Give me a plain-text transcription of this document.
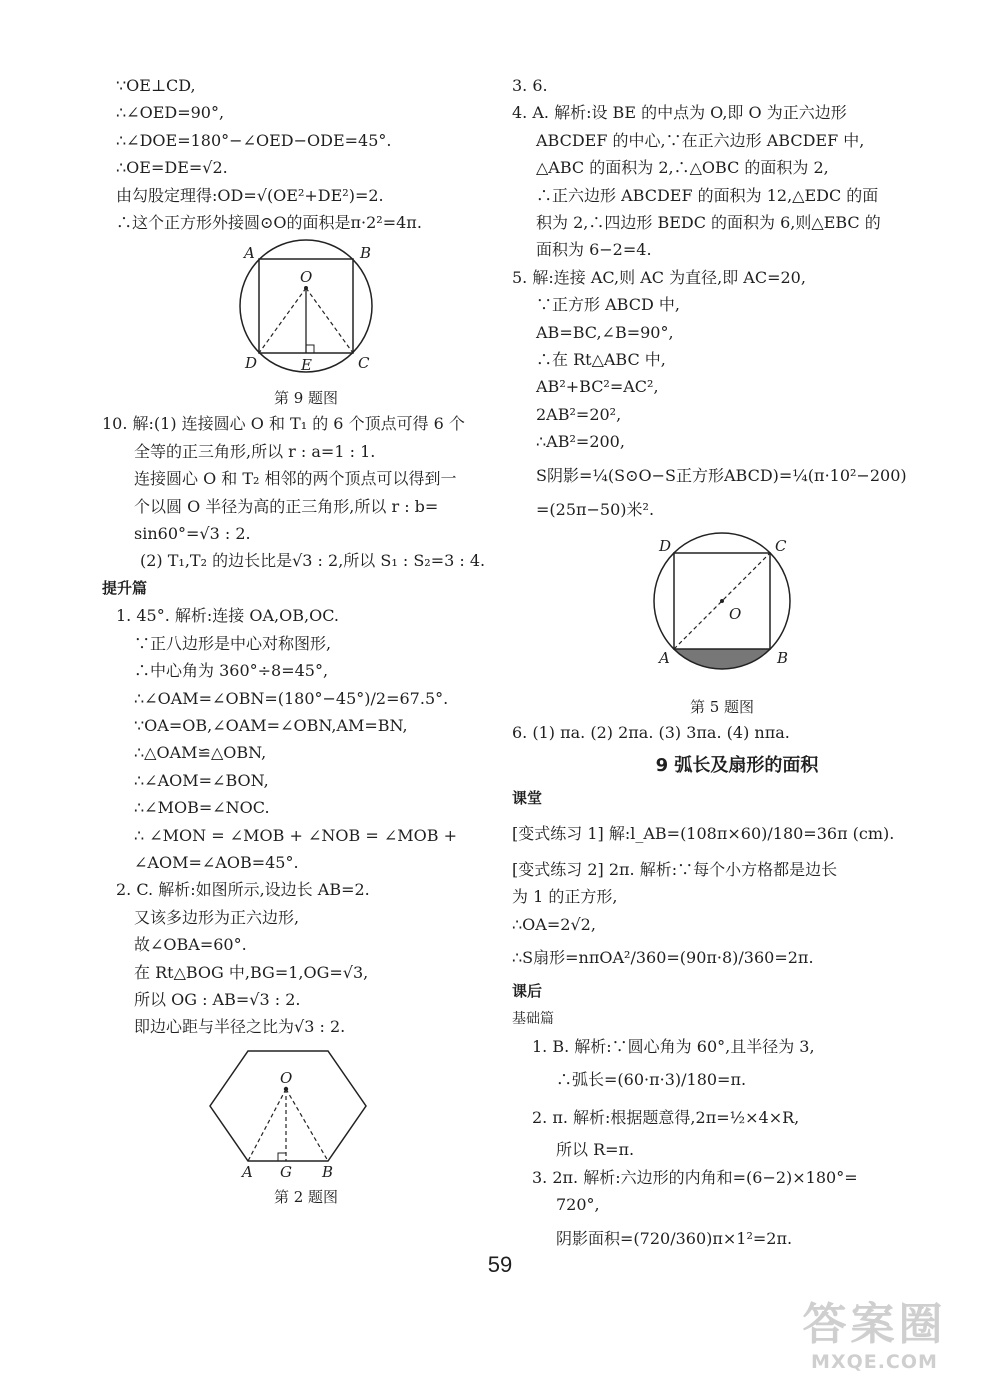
∵OE⊥CD,
∴∠OED=90°,
∴∠DOE=180°−∠OED−ODE=45°.
∴OE=DE=√2.
由勾股定理得:OD=√(OE²+DE²)=2.
∴这个正方形外接圆⊙O的面积是π·2²=4π.
A	B
C
D	E
O
第 9 题图
10. 解:(1) 连接圆心 O 和 T₁ 的 6 个顶点可得 6 个
全等的正三角形,所以 r : a=1 : 1.
连接圆心 O 和 T₂ 相邻的两个顶点可以得到一
个以圆 O 半径为高的正三角形,所以 r : b=
sin60°=√3 : 2.
(2) T₁,T₂ 的边长比是√3 : 2,所以 S₁ : S₂=3 : 4.
提升篇
1. 45°. 解析:连接 OA,OB,OC.
∵正八边形是中心对称图形,
∴中心角为 360°÷8=45°,
∴∠OAM=∠OBN=(180°−45°)/2=67.5°.
∵OA=OB,∠OAM=∠OBN,AM=BN,
∴△OAM≌△OBN,
∴∠AOM=∠BON,
∴∠MOB=∠NOC.
∴ ∠MON = ∠MOB + ∠NOB = ∠MOB +
∠AOM=∠AOB=45°.
2. C. 解析:如图所示,设边长 AB=2.
又该多边形为正六边形,
故∠OBA=60°.
在 Rt△BOG 中,BG=1,OG=√3,
所以 OG : AB=√3 : 2.
即边心距与半径之比为√3 : 2.
O
A G B
第 2 题图
3. 6.
4. A. 解析:设 BE 的中点为 O,即 O 为正六边形
ABCDEF 的中心,∵在正六边形 ABCDEF 中,
△ABC 的面积为 2,∴△OBC 的面积为 2,
∴正六边形 ABCDEF 的面积为 12,△EDC 的面
积为 2,∴四边形 BEDC 的面积为 6,则△EBC 的
面积为 6−2=4.
5. 解:连接 AC,则 AC 为直径,即 AC=20,
∵正方形 ABCD 中,
AB=BC,∠B=90°,
∴在 Rt△ABC 中,
AB²+BC²=AC²,
2AB²=20²,
∴AB²=200,
S阴影=¼(S⊙O−S正方形ABCD)=¼(π·10²−200)
=(25π−50)米².
D	C
A	B
O
第 5 题图
6. (1) πa. (2) 2πa. (3) 3πa. (4) nπa.
9 弧长及扇形的面积
课堂
[变式练习 1] 解:l_AB=(108π×60)/180=36π (cm).
[变式练习 2] 2π. 解析:∵每个小方格都是边长
为 1 的正方形,
∴OA=2√2,
∴S扇形=nπOA²/360=(90π·8)/360=2π.
课后
基础篇
1. B. 解析:∵圆心角为 60°,且半径为 3,
∴弧长=(60·π·3)/180=π.
2. π. 解析:根据题意得,2π=½×4×R,
所以 R=π.
3. 2π. 解析:六边形的内角和=(6−2)×180°=
720°,
阴影面积=(720/360)π×1²=2π.
59
答案圈
MXQE.COM
